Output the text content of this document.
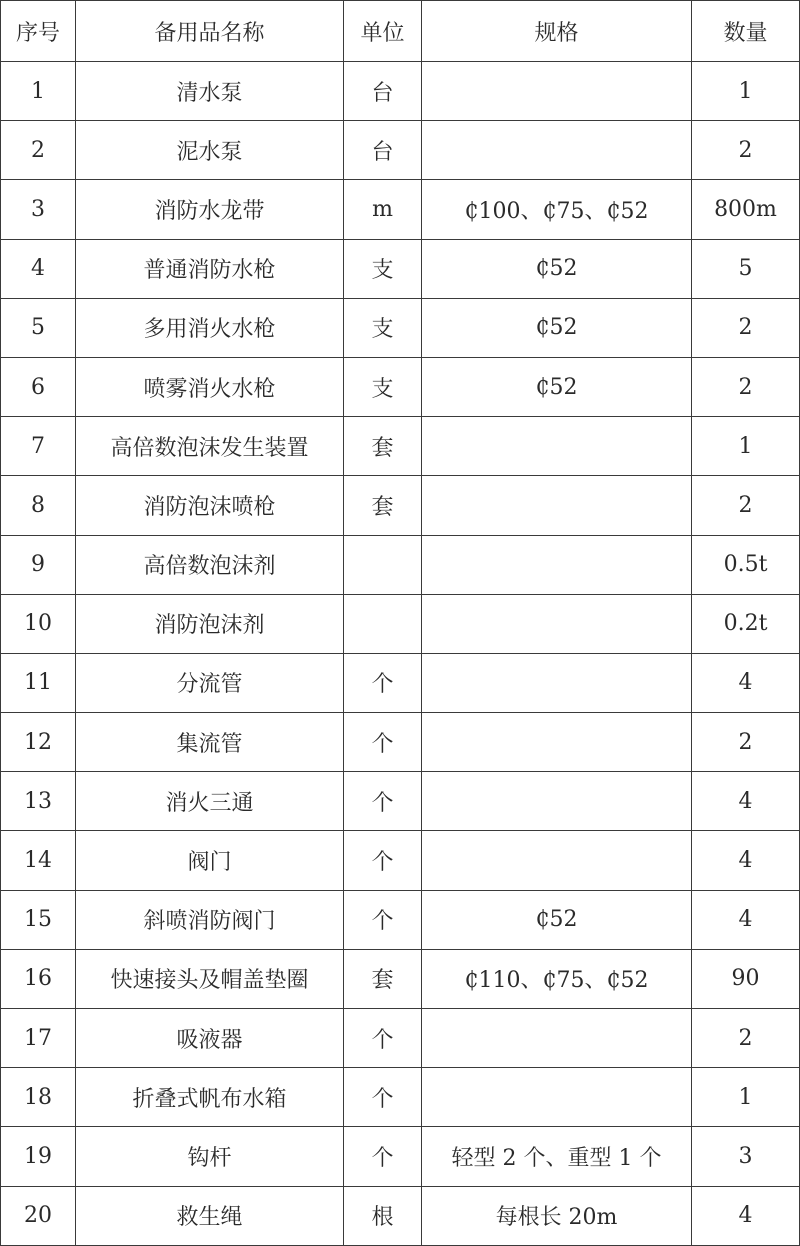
序号	备用品名称	单位	规格	数量
1	清水泵	台		1
2	泥水泵	台		2
3	消防水龙带	m	₵100、₵75、₵52	800m
4	普通消防水枪	支	₵52	5
5	多用消火水枪	支	₵52	2
6	喷雾消火水枪	支	₵52	2
7	高倍数泡沫发生装置	套		1
8	消防泡沫喷枪	套		2
9	高倍数泡沫剂			0.5t
10	消防泡沫剂			0.2t
11	分流管	个		4
12	集流管	个		2
13	消火三通	个		4
14	阀门	个		4
15	斜喷消防阀门	个	₵52	4
16	快速接头及帽盖垫圈	套	₵110、₵75、₵52	90
17	吸液器	个		2
18	折叠式帆布水箱	个		1
19	钩杆	个	轻型 2 个、重型 1 个	3
20	救生绳	根	每根长 20m	4
